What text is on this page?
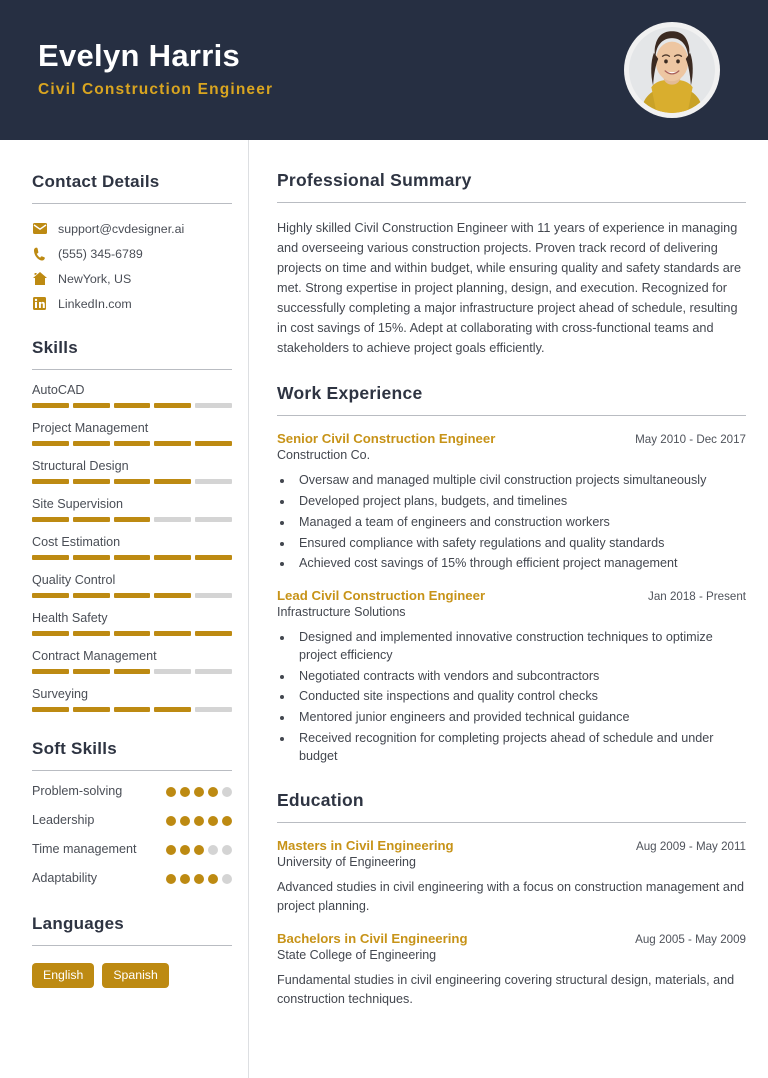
Evelyn Harris
Civil Construction Engineer
Contact Details
support@cvdesigner.ai
(555) 345-6789
NewYork, US
LinkedIn.com
Skills
AutoCAD
Project Management
Structural Design
Site Supervision
Cost Estimation
Quality Control
Health Safety
Contract Management
Surveying
Soft Skills
Problem-solving
Leadership
Time management
Adaptability
Languages
English	Spanish
Professional Summary

Highly skilled Civil Construction Engineer with 11 years of experience in managing and overseeing various construction projects. Proven track record of delivering projects on time and within budget, while ensuring quality and safety standards are met. Strong expertise in project planning, design, and execution. Recognized for successfully completing a major infrastructure project ahead of schedule, resulting in cost savings of 15%. Adept at collaborating with cross-functional teams and stakeholders to achieve project goals efficiently.

Work Experience
Senior Civil Construction Engineer	May 2010 - Dec 2017
Construction Co.
• Oversaw and managed multiple civil construction projects simultaneously
• Developed project plans, budgets, and timelines
• Managed a team of engineers and construction workers
• Ensured compliance with safety regulations and quality standards
• Achieved cost savings of 15% through efficient project management
Lead Civil Construction Engineer	Jan 2018 - Present
Infrastructure Solutions
• Designed and implemented innovative construction techniques to optimize project efficiency
• Negotiated contracts with vendors and subcontractors
• Conducted site inspections and quality control checks
• Mentored junior engineers and provided technical guidance
• Received recognition for completing projects ahead of schedule and under budget
Education
Masters in Civil Engineering	Aug 2009 - May 2011
University of Engineering
Advanced studies in civil engineering with a focus on construction management and project planning.
Bachelors in Civil Engineering	Aug 2005 - May 2009
State College of Engineering
Fundamental studies in civil engineering covering structural design, materials, and construction techniques.
